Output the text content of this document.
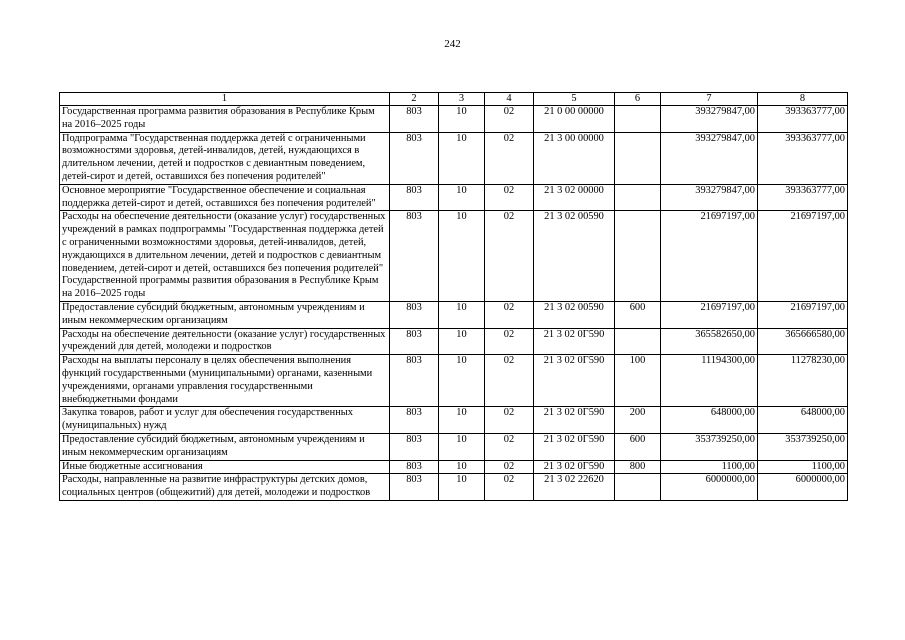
242
1	2	3	4	5	6	7	8
Государственная программа развития образования в Республике Крым на 2016–2025 годы	803	10	02	21 0 00 00000		393279847,00	393363777,00
Подпрограмма "Государственная поддержка детей с ограниченными возможностями здоровья, детей-инвалидов, детей, нуждающихся в длительном лечении, детей и подростков с девиантным поведением, детей-сирот и детей, оставшихся без попечения родителей"	803	10	02	21 3 00 00000		393279847,00	393363777,00
Основное мероприятие "Государственное обеспечение и социальная поддержка детей-сирот и детей, оставшихся без попечения родителей"	803	10	02	21 3 02 00000		393279847,00	393363777,00
Расходы на обеспечение деятельности (оказание услуг) государственных учреждений в рамках подпрограммы "Государственная поддержка детей с ограниченными возможностями здоровья, детей-инвалидов, детей, нуждающихся в длительном лечении, детей и подростков с девиантным поведением, детей-сирот и детей, оставшихся без попечения родителей" Государственной программы развития образования в Республике Крым на 2016–2025 годы	803	10	02	21 3 02 00590		21697197,00	21697197,00
Предоставление субсидий бюджетным, автономным учреждениям и иным некоммерческим организациям	803	10	02	21 3 02 00590	600	21697197,00	21697197,00
Расходы на обеспечение деятельности (оказание услуг) государственных учреждений для детей, молодежи и подростков	803	10	02	21 3 02 0Г590		365582650,00	365666580,00
Расходы на выплаты персоналу в целях обеспечения выполнения функций государственными (муниципальными) органами, казенными учреждениями, органами управления государственными внебюджетными фондами	803	10	02	21 3 02 0Г590	100	11194300,00	11278230,00
Закупка товаров, работ и услуг для обеспечения государственных (муниципальных) нужд	803	10	02	21 3 02 0Г590	200	648000,00	648000,00
Предоставление субсидий бюджетным, автономным учреждениям и иным некоммерческим организациям	803	10	02	21 3 02 0Г590	600	353739250,00	353739250,00
Иные бюджетные ассигнования	803	10	02	21 3 02 0Г590	800	1100,00	1100,00
Расходы, направленные на развитие инфраструктуры детских домов, социальных центров (общежитий) для детей, молодежи и подростков	803	10	02	21 3 02 22620		6000000,00	6000000,00
